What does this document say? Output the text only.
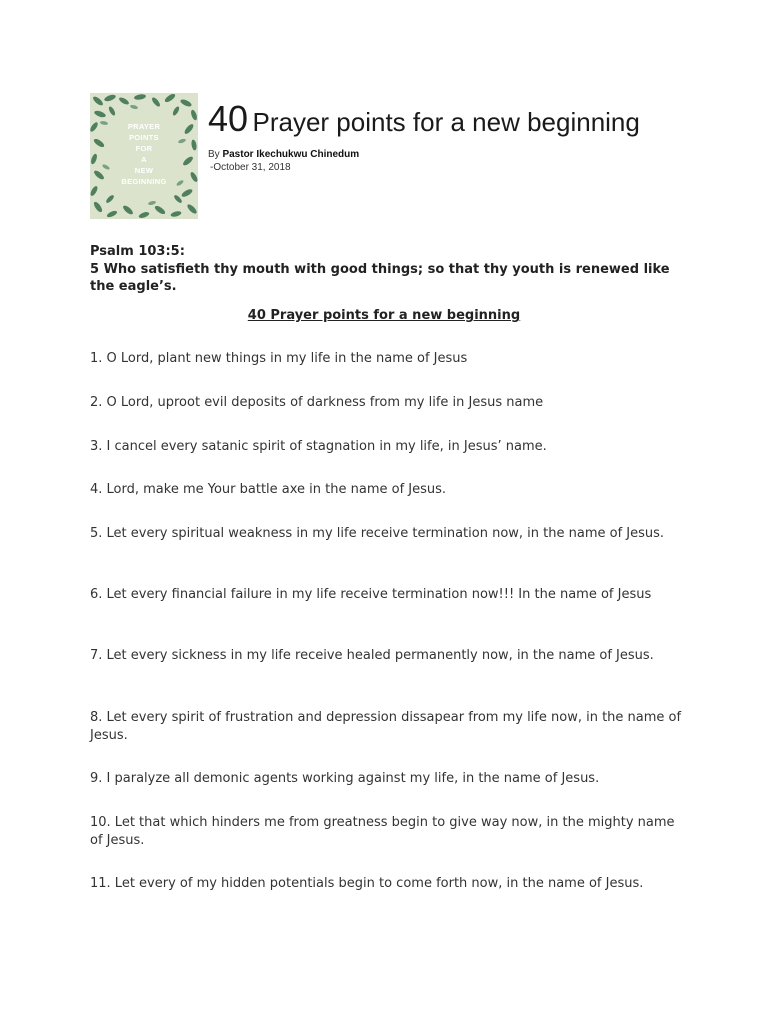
PRAYER
POINTS
FOR
A
NEW
BEGINNING
40 Prayer points for a new beginning
By Pastor Ikechukwu Chinedum
-October 31, 2018
Psalm 103:5:
5 Who satisfieth thy mouth with good things; so that thy youth is renewed like the eagle’s.
40 Prayer points for a new beginning
1. O Lord, plant new things in my life in the name of Jesus
2. O Lord, uproot evil deposits of darkness from my life in Jesus name
3. I cancel every satanic spirit of stagnation in my life, in Jesus’ name.
4. Lord, make me Your battle axe in the name of Jesus.
5. Let every spiritual weakness in my life receive termination now, in the name of Jesus.
6. Let every financial failure in my life receive termination now!!! In the name of Jesus
7. Let every sickness in my life receive healed permanently now, in the name of Jesus.
8. Let every spirit of frustration and depression dissapear from my life now, in the name of Jesus.
9. I paralyze all demonic agents working against my life, in the name of Jesus.
10. Let that which hinders me from greatness begin to give way now, in the mighty name of Jesus.
11. Let every of my hidden potentials begin to come forth now, in the name of Jesus.
